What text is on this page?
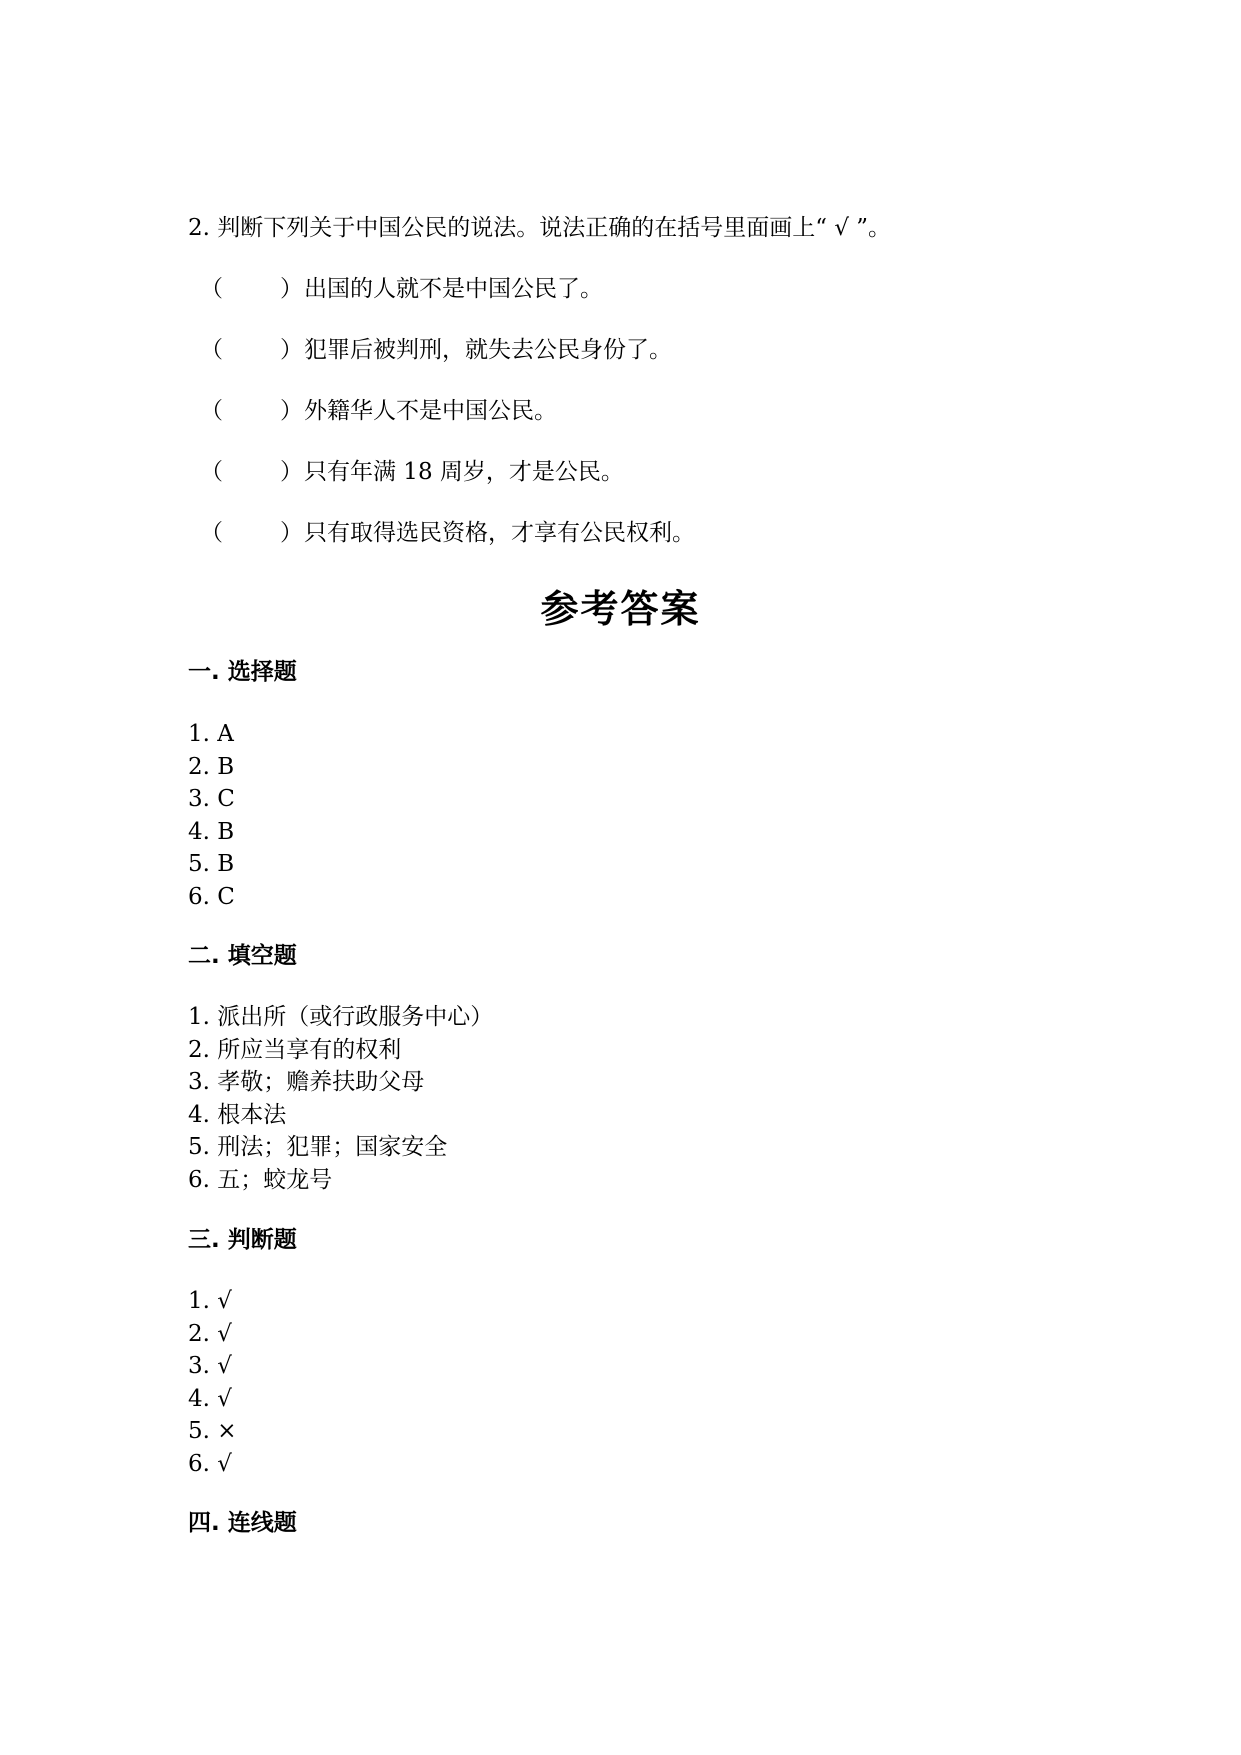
2. 判断下列关于中国公民的说法。说法正确的在括号里面画上“ √ ”。
（ ）出国的人就不是中国公民了。
（ ）犯罪后被判刑，就失去公民身份了。
（ ）外籍华人不是中国公民。
（ ）只有年满 18 周岁，才是公民。
（ ）只有取得选民资格，才享有公民权利。
参考答案
一. 选择题
1. A
2. B
3. C
4. B
5. B
6. C
二. 填空题
1. 派出所（或行政服务中心）
2. 所应当享有的权利
3. 孝敬；赡养扶助父母
4. 根本法
5. 刑法；犯罪；国家安全
6. 五；蛟龙号
三. 判断题
1. √
2. √
3. √
4. √
5. ×
6. √
四. 连线题
